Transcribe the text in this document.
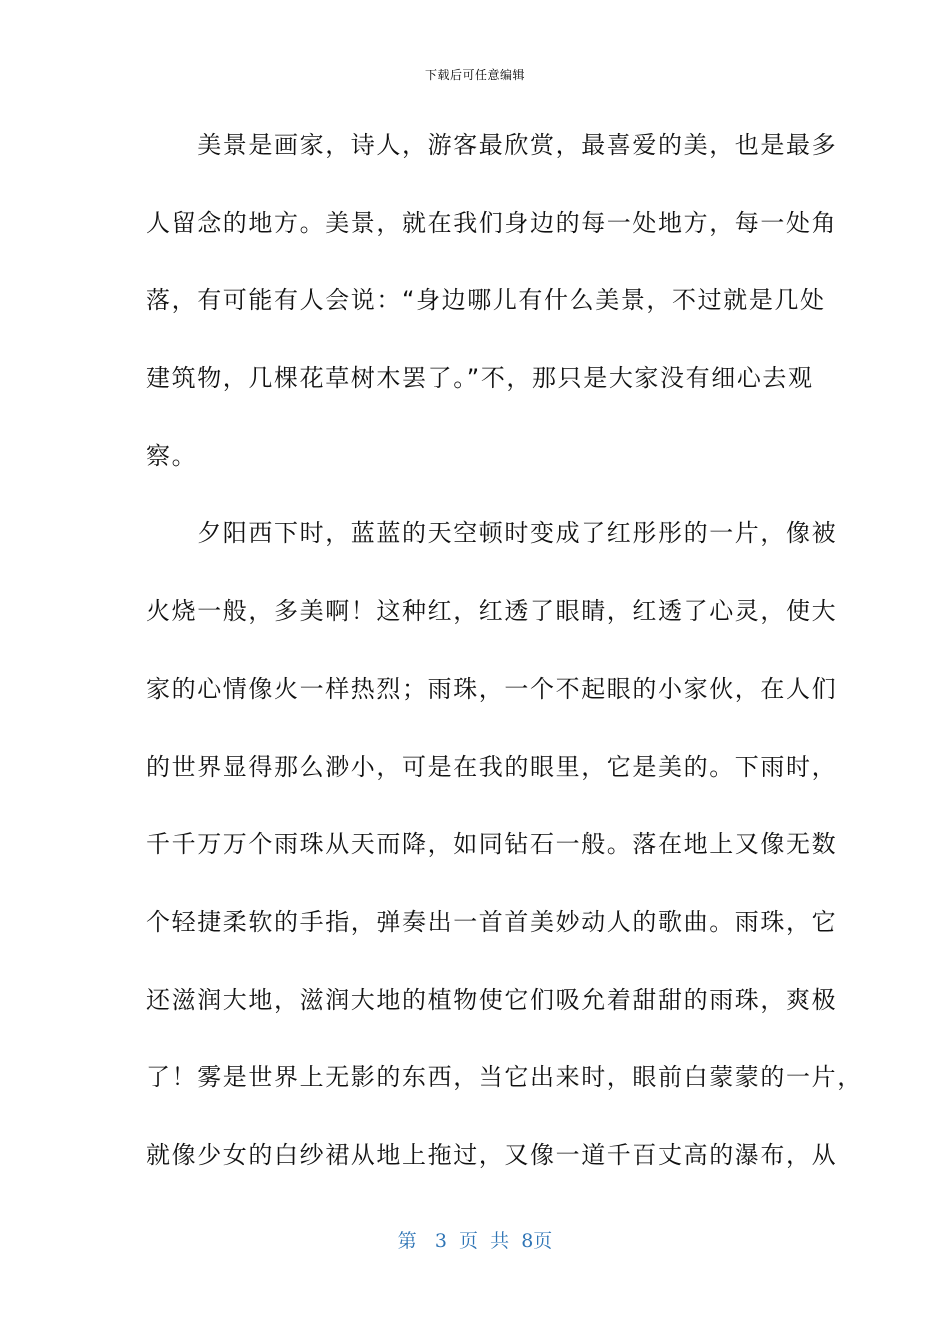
下载后可任意编辑
　　美景是画家，诗人，游客最欣赏，最喜爱的美，也是最多
人留念的地方。美景，就在我们身边的每一处地方，每一处角
落，有可能有人会说：“身边哪儿有什么美景，不过就是几处
建筑物，几棵花草树木罢了。”不，那只是大家没有细心去观
察。
　　夕阳西下时，蓝蓝的天空顿时变成了红彤彤的一片，像被
火烧一般，多美啊！这种红，红透了眼睛，红透了心灵，使大
家的心情像火一样热烈；雨珠，一个不起眼的小家伙，在人们
的世界显得那么渺小，可是在我的眼里，它是美的。下雨时，
千千万万个雨珠从天而降，如同钻石一般。落在地上又像无数
个轻捷柔软的手指，弹奏出一首首美妙动人的歌曲。雨珠，它
还滋润大地，滋润大地的植物使它们吸允着甜甜的雨珠，爽极
了！雾是世界上无影的东西，当它出来时，眼前白蒙蒙的一片，
就像少女的白纱裙从地上拖过，又像一道千百丈高的瀑布，从
第 3 页 共 8页
